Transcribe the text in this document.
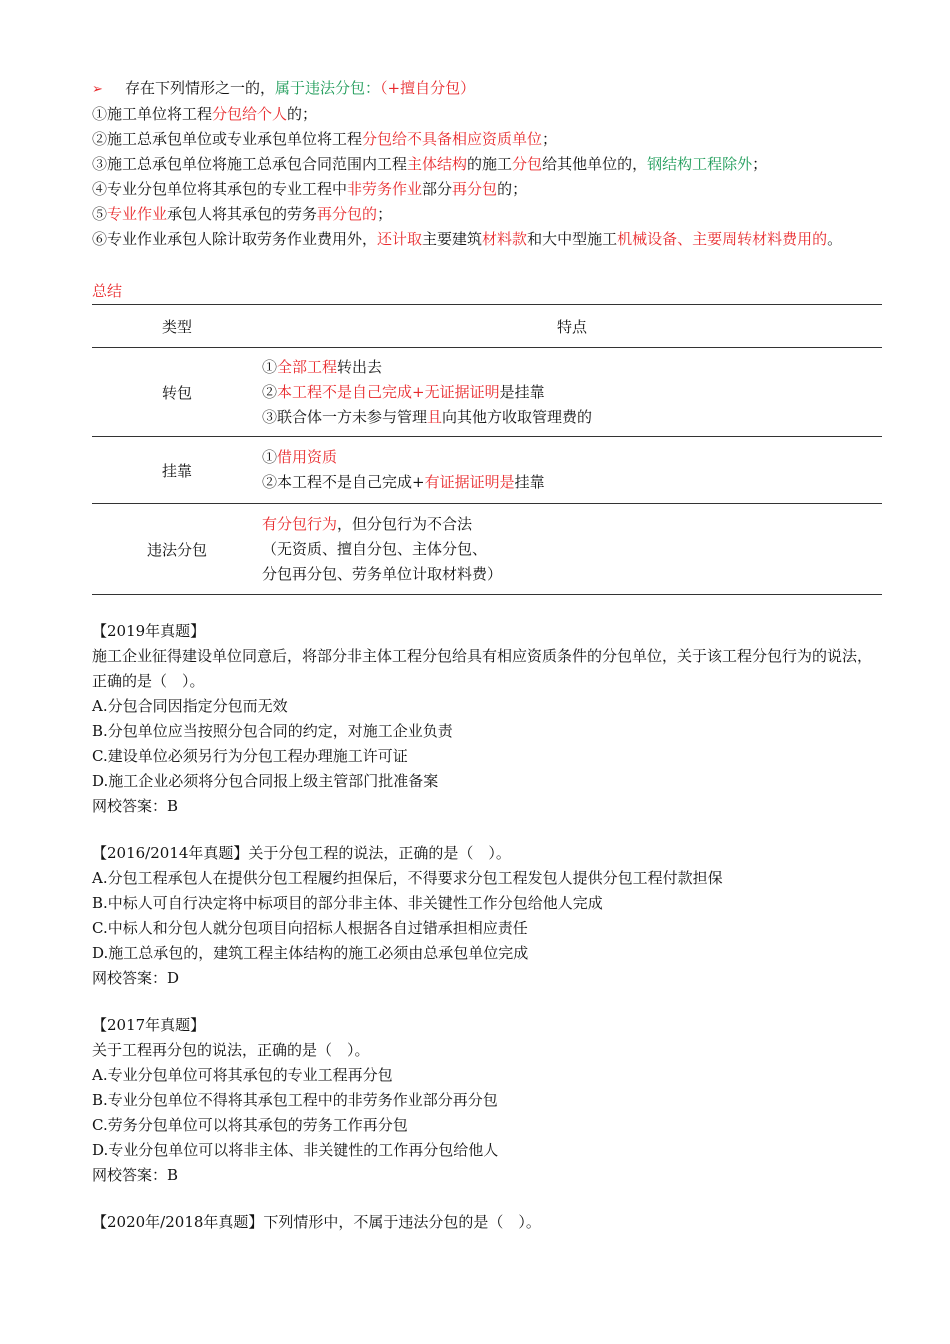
➢ 存在下列情形之一的，属于违法分包：（+擅自分包）
①施工单位将工程分包给个人的；
②施工总承包单位或专业承包单位将工程分包给不具备相应资质单位；
③施工总承包单位将施工总承包合同范围内工程主体结构的施工分包给其他单位的，钢结构工程除外；
④专业分包单位将其承包的专业工程中非劳务作业部分再分包的；
⑤专业作业承包人将其承包的劳务再分包的；
⑥专业作业承包人除计取劳务作业费用外，还计取主要建筑材料款和大中型施工机械设备、主要周转材料费用的。
总结
类型	特点
转包	①全部工程转出去
②本工程不是自己完成+无证据证明是挂靠
③联合体一方未参与管理且向其他方收取管理费的

挂靠	①借用资质
②本工程不是自己完成+有证据证明是挂靠

违法分包	有分包行为，但分包行为不合法
（无资质、擅自分包、主体分包、
分包再分包、劳务单位计取材料费）
【2019年真题】
施工企业征得建设单位同意后，将部分非主体工程分包给具有相应资质条件的分包单位，关于该工程分包行为的说法，正确的是（　）。
A.分包合同因指定分包而无效
B.分包单位应当按照分包合同的约定，对施工企业负责
C.建设单位必须另行为分包工程办理施工许可证
D.施工企业必须将分包合同报上级主管部门批准备案
网校答案：B
【2016/2014年真题】关于分包工程的说法，正确的是（　）。
A.分包工程承包人在提供分包工程履约担保后，不得要求分包工程发包人提供分包工程付款担保
B.中标人可自行决定将中标项目的部分非主体、非关键性工作分包给他人完成
C.中标人和分包人就分包项目向招标人根据各自过错承担相应责任
D.施工总承包的，建筑工程主体结构的施工必须由总承包单位完成
网校答案：D
【2017年真题】
关于工程再分包的说法，正确的是（　）。
A.专业分包单位可将其承包的专业工程再分包
B.专业分包单位不得将其承包工程中的非劳务作业部分再分包
C.劳务分包单位可以将其承包的劳务工作再分包
D.专业分包单位可以将非主体、非关键性的工作再分包给他人
网校答案：B
【2020年/2018年真题】下列情形中，不属于违法分包的是（　）。
